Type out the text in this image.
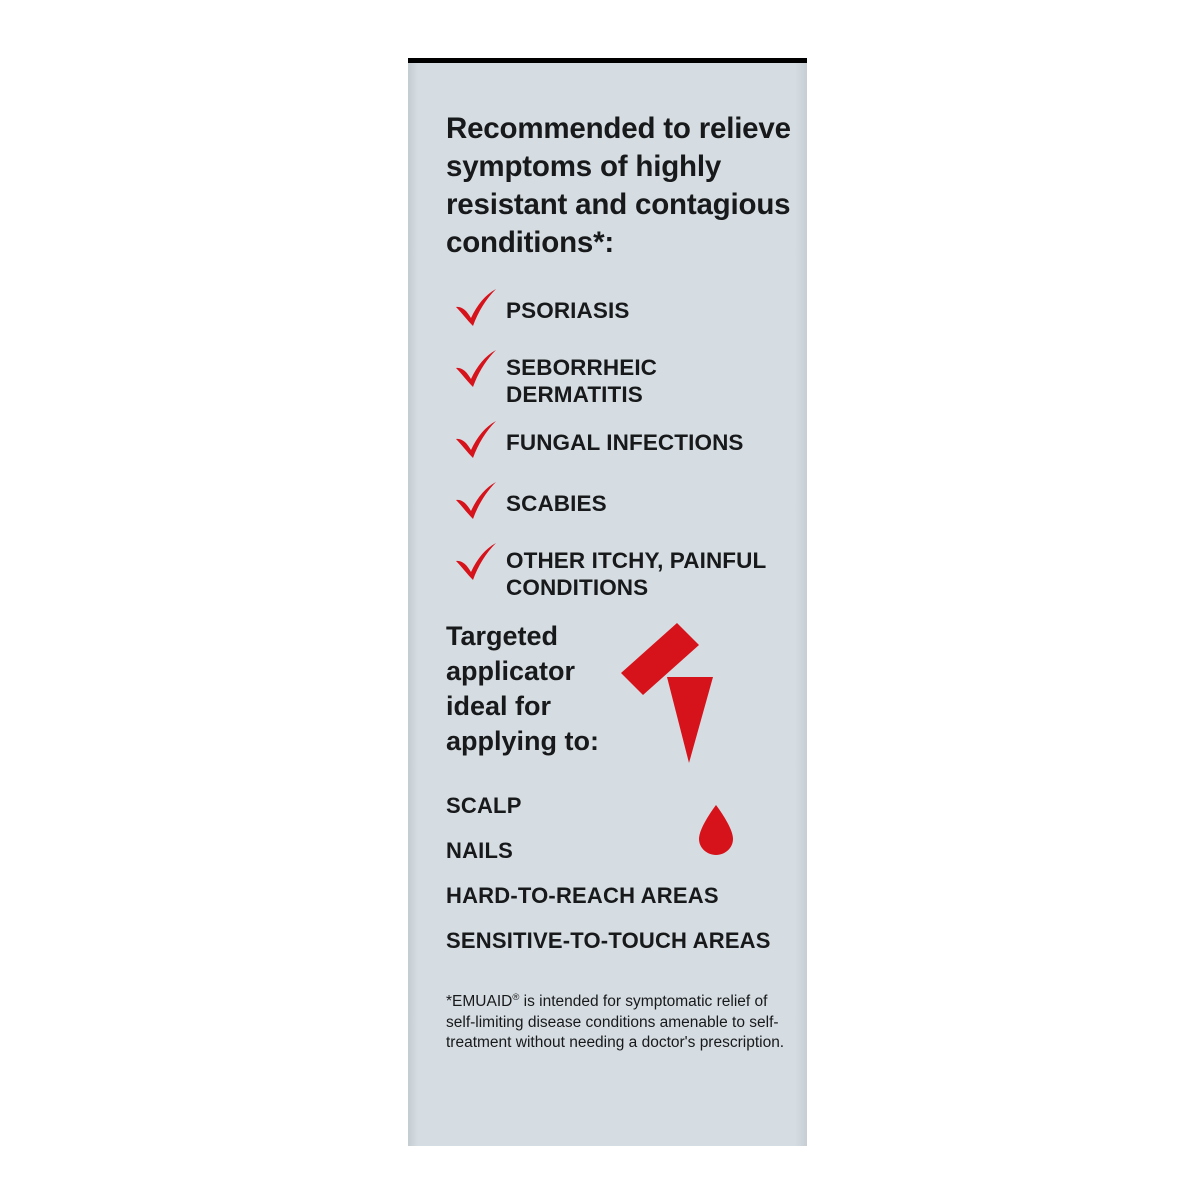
Recommended to relieve symptoms of highly resistant and contagious conditions*:
PSORIASIS
SEBORRHEIC DERMATITIS
FUNGAL INFECTIONS
SCABIES
OTHER ITCHY, PAINFUL CONDITIONS
Targeted applicator ideal for applying to:
SCALP
NAILS
HARD-TO-REACH AREAS
SENSITIVE-TO-TOUCH AREAS
*EMUAID® is intended for symptomatic relief of self-limiting disease conditions amenable to self-treatment without needing a doctor's prescription.
